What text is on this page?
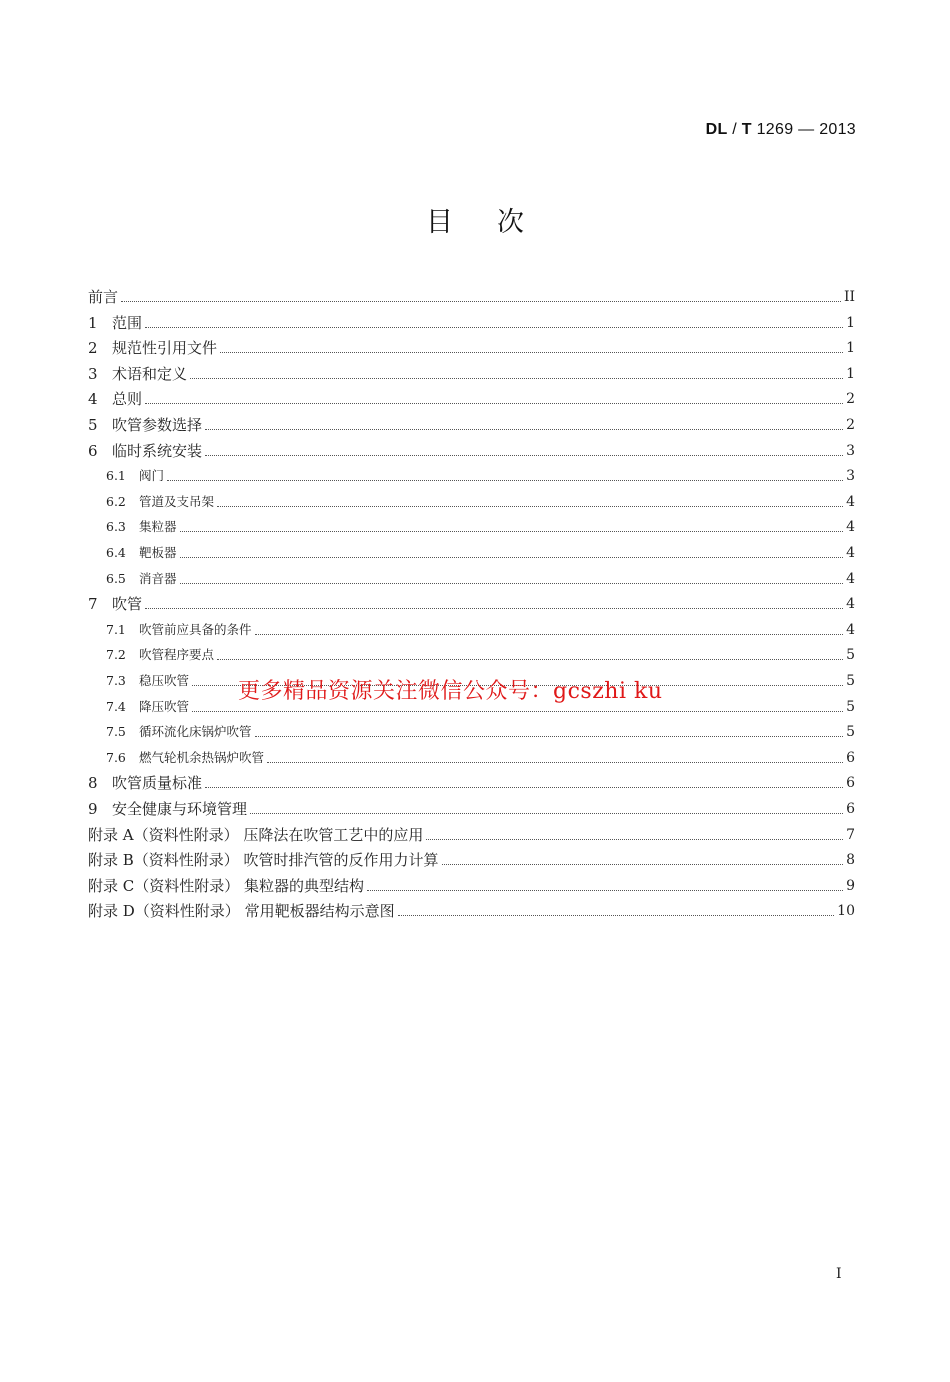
DL / T 1269 — 2013
目次
前言	II
1 范围	1
2 规范性引用文件	1
3 术语和定义	1
4 总则	2
5 吹管参数选择	2
6 临时系统安装	3
6.1 阀门	3
6.2 管道及支吊架	4
6.3 集粒器	4
6.4 靶板器	4
6.5 消音器	4
7 吹管	4
7.1 吹管前应具备的条件	4
7.2 吹管程序要点	5
7.3 稳压吹管	5
7.4 降压吹管	5
7.5 循环流化床锅炉吹管	5
7.6 燃气轮机余热锅炉吹管	6
8 吹管质量标准	6
9 安全健康与环境管理	6
附录 A（资料性附录） 压降法在吹管工艺中的应用	7
附录 B（资料性附录） 吹管时排汽管的反作用力计算	8
附录 C（资料性附录） 集粒器的典型结构	9
附录 D（资料性附录） 常用靶板器结构示意图	10
更多精品资源关注微信公众号：gcszhi ku
I
